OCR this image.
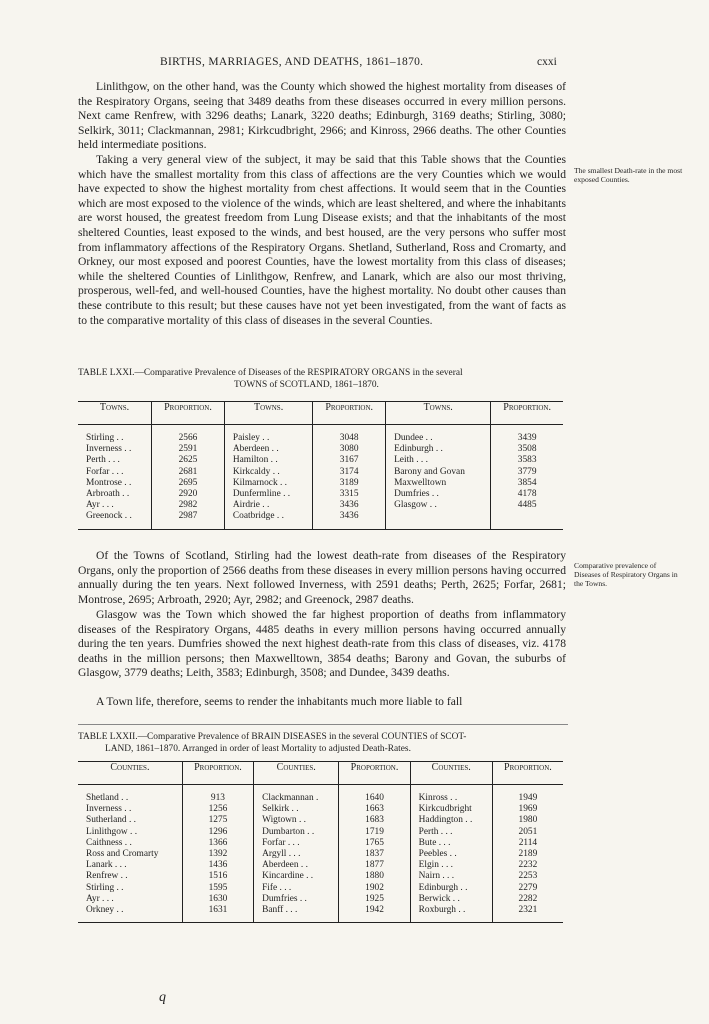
BIRTHS, MARRIAGES, AND DEATHS, 1861–1870.	cxxi

Linlithgow, on the other hand, was the County which showed the highest mortality from diseases of the Respiratory Organs, seeing that 3489 deaths from these diseases occurred in every million persons. Next came Renfrew, with 3296 deaths; Lanark, 3220 deaths; Edinburgh, 3169 deaths; Stirling, 3080; Selkirk, 3011; Clackmannan, 2981; Kirkcudbright, 2966; and Kinross, 2966 deaths. The other Counties held intermediate positions.

Taking a very general view of the subject, it may be said that this Table shows that the Counties which have the smallest mortality from this class of affections are the very Counties which we would have expected to show the highest mortality from chest affections. It would seem that in the Counties which are most exposed to the violence of the winds, which are least sheltered, and where the inhabitants are worst housed, the greatest freedom from Lung Disease exists; and that the inhabitants of the most sheltered Counties, least exposed to the winds, and best housed, are the very persons who suffer most from inflammatory affections of the Respiratory Organs. Shetland, Sutherland, Ross and Cromarty, and Orkney, our most exposed and poorest Counties, have the lowest mortality from this class of diseases; while the sheltered Counties of Linlithgow, Renfrew, and Lanark, which are also our most thriving, prosperous, well-fed, and well-housed Counties, have the highest mortality. No doubt other causes than these contribute to this result; but these causes have not yet been investigated, from the want of facts as to the comparative mortality of this class of diseases in the several Counties.

The smallest Death-rate in the most exposed Counties.
TABLE LXXI.—Comparative Prevalence of Diseases of the RESPIRATORY ORGANS in the several
TOWNS of SCOTLAND, 1861–1870.
Towns.	Proportion.	Towns.	Proportion.	Towns.	Proportion.
Stirling . .	2566	Paisley . .	3048	Dundee . .	3439
Inverness . .	2591	Aberdeen . .	3080	Edinburgh . .	3508
Perth . . .	2625	Hamilton . .	3167	Leith . . .	3583
Forfar . . .	2681	Kirkcaldy . .	3174	Barony and Govan	3779
Montrose . .	2695	Kilmarnock . .	3189	Maxwelltown	3854
Arbroath . .	2920	Dunfermline . .	3315	Dumfries . .	4178
Ayr . . .	2982	Airdrie . .	3436	Glasgow . .	4485
Greenock . .	2987	Coatbridge . .	3436		

Of the Towns of Scotland, Stirling had the lowest death-rate from diseases of the Respiratory Organs, only the proportion of 2566 deaths from these diseases in every million persons having occurred annually during the ten years. Next followed Inverness, with 2591 deaths; Perth, 2625; Forfar, 2681; Montrose, 2695; Arbroath, 2920; Ayr, 2982; and Greenock, 2987 deaths.

Comparative prevalence of Diseases of Respiratory Organs in the Towns.

Glasgow was the Town which showed the far highest proportion of deaths from inflammatory diseases of the Respiratory Organs, 4485 deaths in every million persons having occurred annually during the ten years. Dumfries showed the next highest death-rate from this class of diseases, viz. 4178 deaths in the million persons; then Maxwelltown, 3854 deaths; Barony and Govan, the suburbs of Glasgow, 3779 deaths; Leith, 3583; Edinburgh, 3508; and Dundee, 3439 deaths.

A Town life, therefore, seems to render the inhabitants much more liable to fall

TABLE LXXII.—Comparative Prevalence of BRAIN DISEASES in the several COUNTIES of SCOT-
LAND, 1861–1870. Arranged in order of least Mortality to adjusted Death-Rates.
Counties.	Proportion.	Counties.	Proportion.	Counties.	Proportion.
Shetland . .	913	Clackmannan .	1640	Kinross . .	1949
Inverness . .	1256	Selkirk . .	1663	Kirkcudbright	1969
Sutherland . .	1275	Wigtown . .	1683	Haddington . .	1980
Linlithgow . .	1296	Dumbarton . .	1719	Perth . . .	2051
Caithness . .	1366	Forfar . . .	1765	Bute . . .	2114
Ross and Cromarty	1392	Argyll . . .	1837	Peebles . .	2189
Lanark . . .	1436	Aberdeen . .	1877	Elgin . . .	2232
Renfrew . .	1516	Kincardine . .	1880	Nairn . . .	2253
Stirling . .	1595	Fife . . .	1902	Edinburgh . .	2279
Ayr . . .	1630	Dumfries . .	1925	Berwick . .	2282
Orkney . .	1631	Banff . . .	1942	Roxburgh . .	2321
q
